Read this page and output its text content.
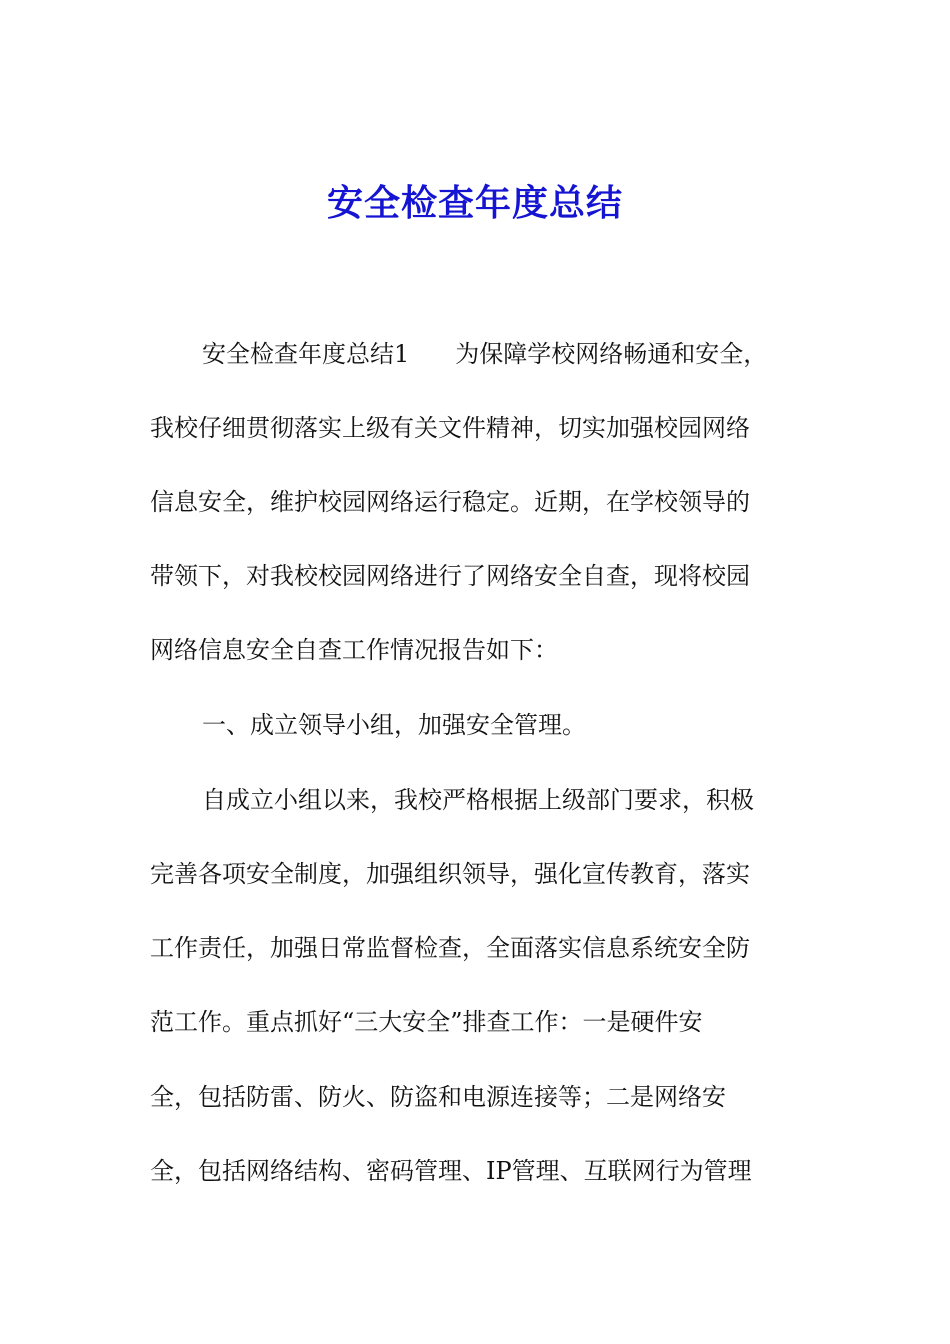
安全检查年度总结
安全检查年度总结1 为保障学校网络畅通和安全，
我校仔细贯彻落实上级有关文件精神，切实加强校园网络
信息安全，维护校园网络运行稳定。近期，在学校领导的
带领下，对我校校园网络进行了网络安全自查，现将校园
网络信息安全自查工作情况报告如下：
一、成立领导小组，加强安全管理。
自成立小组以来，我校严格根据上级部门要求，积极
完善各项安全制度，加强组织领导，强化宣传教育，落实
工作责任，加强日常监督检查，全面落实信息系统安全防
范工作。重点抓好“三大安全”排查工作：一是硬件安
全，包括防雷、防火、防盗和电源连接等；二是网络安
全，包括网络结构、密码管理、IP管理、互联网行为管理
